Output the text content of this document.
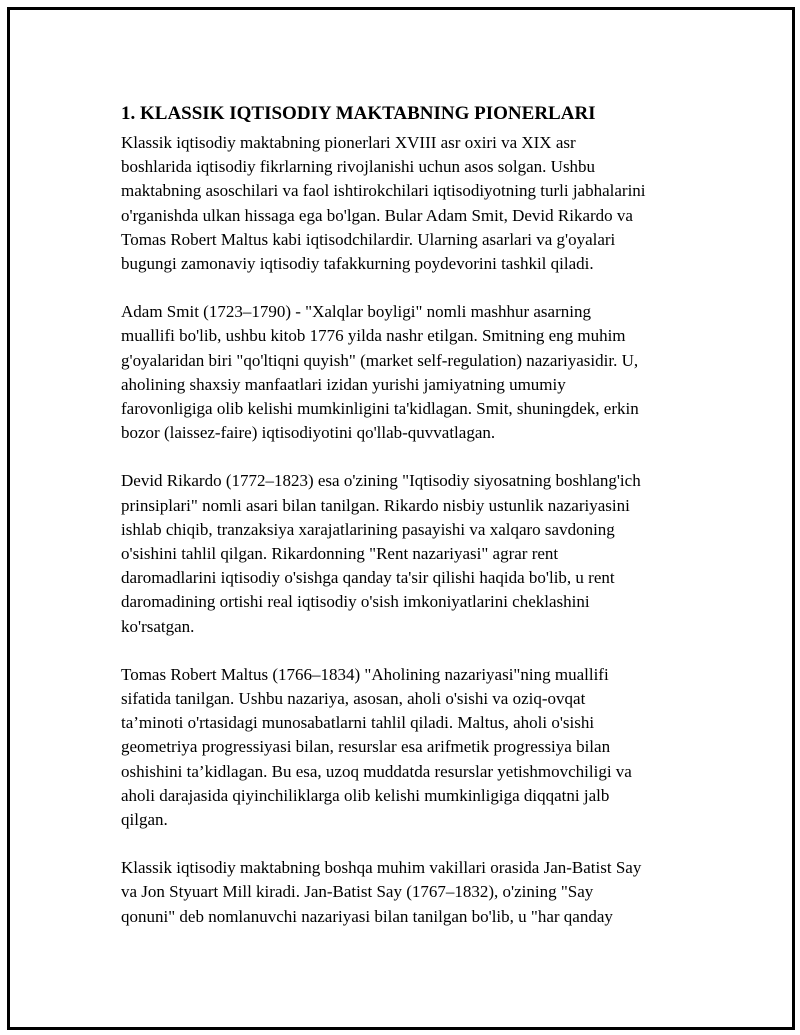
1. KLASSIK IQTISODIY MAKTABNING PIONERLARI

Klassik iqtisodiy maktabning pionerlari XVIII asr oxiri va XIX asr
boshlarida iqtisodiy fikrlarning rivojlanishi uchun asos solgan. Ushbu
maktabning asoschilari va faol ishtirokchilari iqtisodiyotning turli jabhalarini
o'rganishda ulkan hissaga ega bo'lgan. Bular Adam Smit, Devid Rikardo va
Tomas Robert Maltus kabi iqtisodchilardir. Ularning asarlari va g'oyalari
bugungi zamonaviy iqtisodiy tafakkurning poydevorini tashkil qiladi.

Adam Smit (1723–1790) - "Xalqlar boyligi" nomli mashhur asarning
muallifi bo'lib, ushbu kitob 1776 yilda nashr etilgan. Smitning eng muhim
g'oyalaridan biri "qo'ltiqni quyish" (market self-regulation) nazariyasidir. U,
aholining shaxsiy manfaatlari izidan yurishi jamiyatning umumiy
farovonligiga olib kelishi mumkinligini ta'kidlagan. Smit, shuningdek, erkin
bozor (laissez-faire) iqtisodiyotini qo'llab-quvvatlagan.

Devid Rikardo (1772–1823) esa o'zining "Iqtisodiy siyosatning boshlang'ich
prinsiplari" nomli asari bilan tanilgan. Rikardo nisbiy ustunlik nazariyasini
ishlab chiqib, tranzaksiya xarajatlarining pasayishi va xalqaro savdoning
o'sishini tahlil qilgan. Rikardonning "Rent nazariyasi" agrar rent
daromadlarini iqtisodiy o'sishga qanday ta'sir qilishi haqida bo'lib, u rent
daromadining ortishi real iqtisodiy o'sish imkoniyatlarini cheklashini
ko'rsatgan.

Tomas Robert Maltus (1766–1834) "Aholining nazariyasi"ning muallifi
sifatida tanilgan. Ushbu nazariya, asosan, aholi o'sishi va oziq-ovqat
ta’minoti o'rtasidagi munosabatlarni tahlil qiladi. Maltus, aholi o'sishi
geometriya progressiyasi bilan, resurslar esa arifmetik progressiya bilan
oshishini ta’kidlagan. Bu esa, uzoq muddatda resurslar yetishmovchiligi va
aholi darajasida qiyinchiliklarga olib kelishi mumkinligiga diqqatni jalb
qilgan.

Klassik iqtisodiy maktabning boshqa muhim vakillari orasida Jan-Batist Say
va Jon Styuart Mill kiradi. Jan-Batist Say (1767–1832), o'zining "Say
qonuni" deb nomlanuvchi nazariyasi bilan tanilgan bo'lib, u "har qanday
